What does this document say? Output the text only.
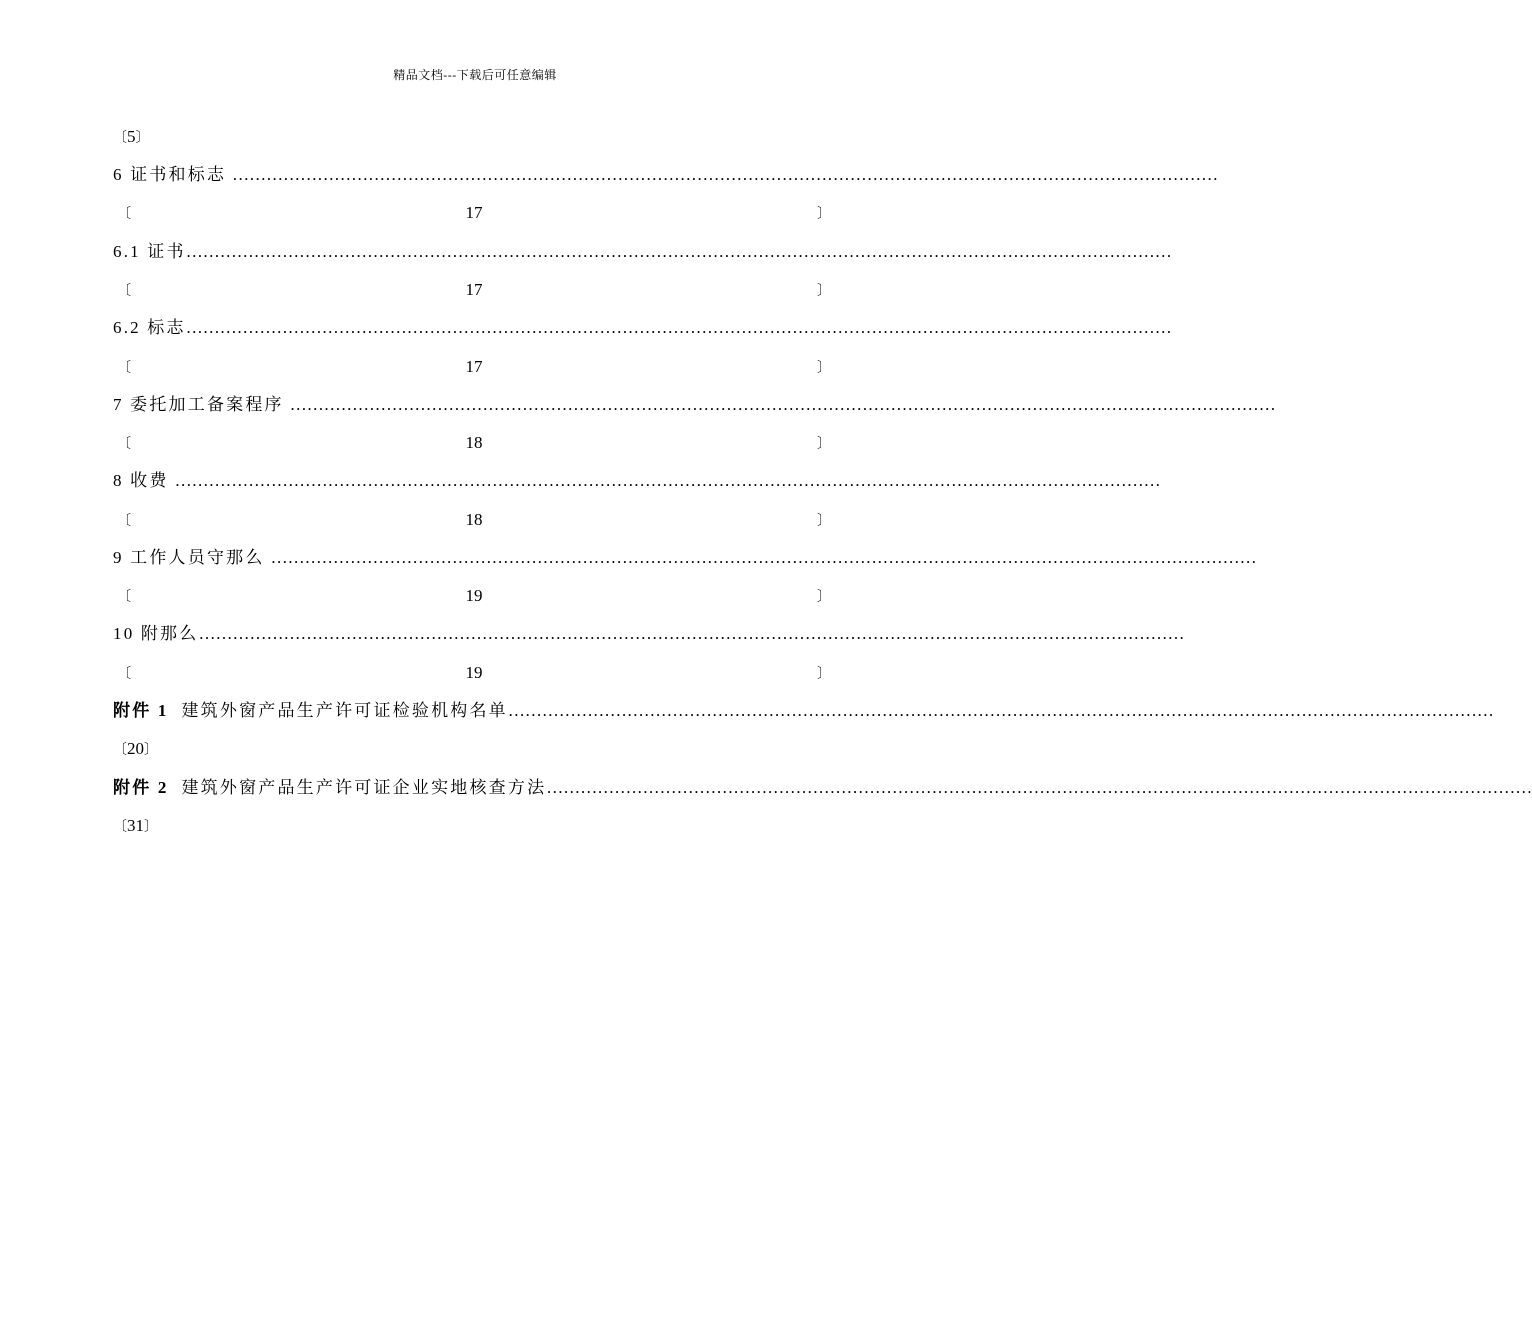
精品文档---下载后可任意编辑
〔5〕
6 证书和标志 …………………………………………………………………………………………………………………………………………………………
〔	17	〕
6.1 证书 …………………………………………………………………………………………………………………………………………………………
〔	17	〕
6.2 标志 …………………………………………………………………………………………………………………………………………………………
〔	17	〕
7 委托加工备案程序 …………………………………………………………………………………………………………………………………………………………
〔	18	〕
8 收费 …………………………………………………………………………………………………………………………………………………………
〔	18	〕
9 工作人员守那么 …………………………………………………………………………………………………………………………………………………………
〔	19	〕
10 附那么 …………………………………………………………………………………………………………………………………………………………
〔	19	〕
附件 1 建筑外窗产品生产许可证检验机构名单 …………………………………………………………………………………………………………………………………………………………
〔20〕
附件 2 建筑外窗产品生产许可证企业实地核查方法 …………………………………………………………………………………………………………………………………………………………
〔31〕
